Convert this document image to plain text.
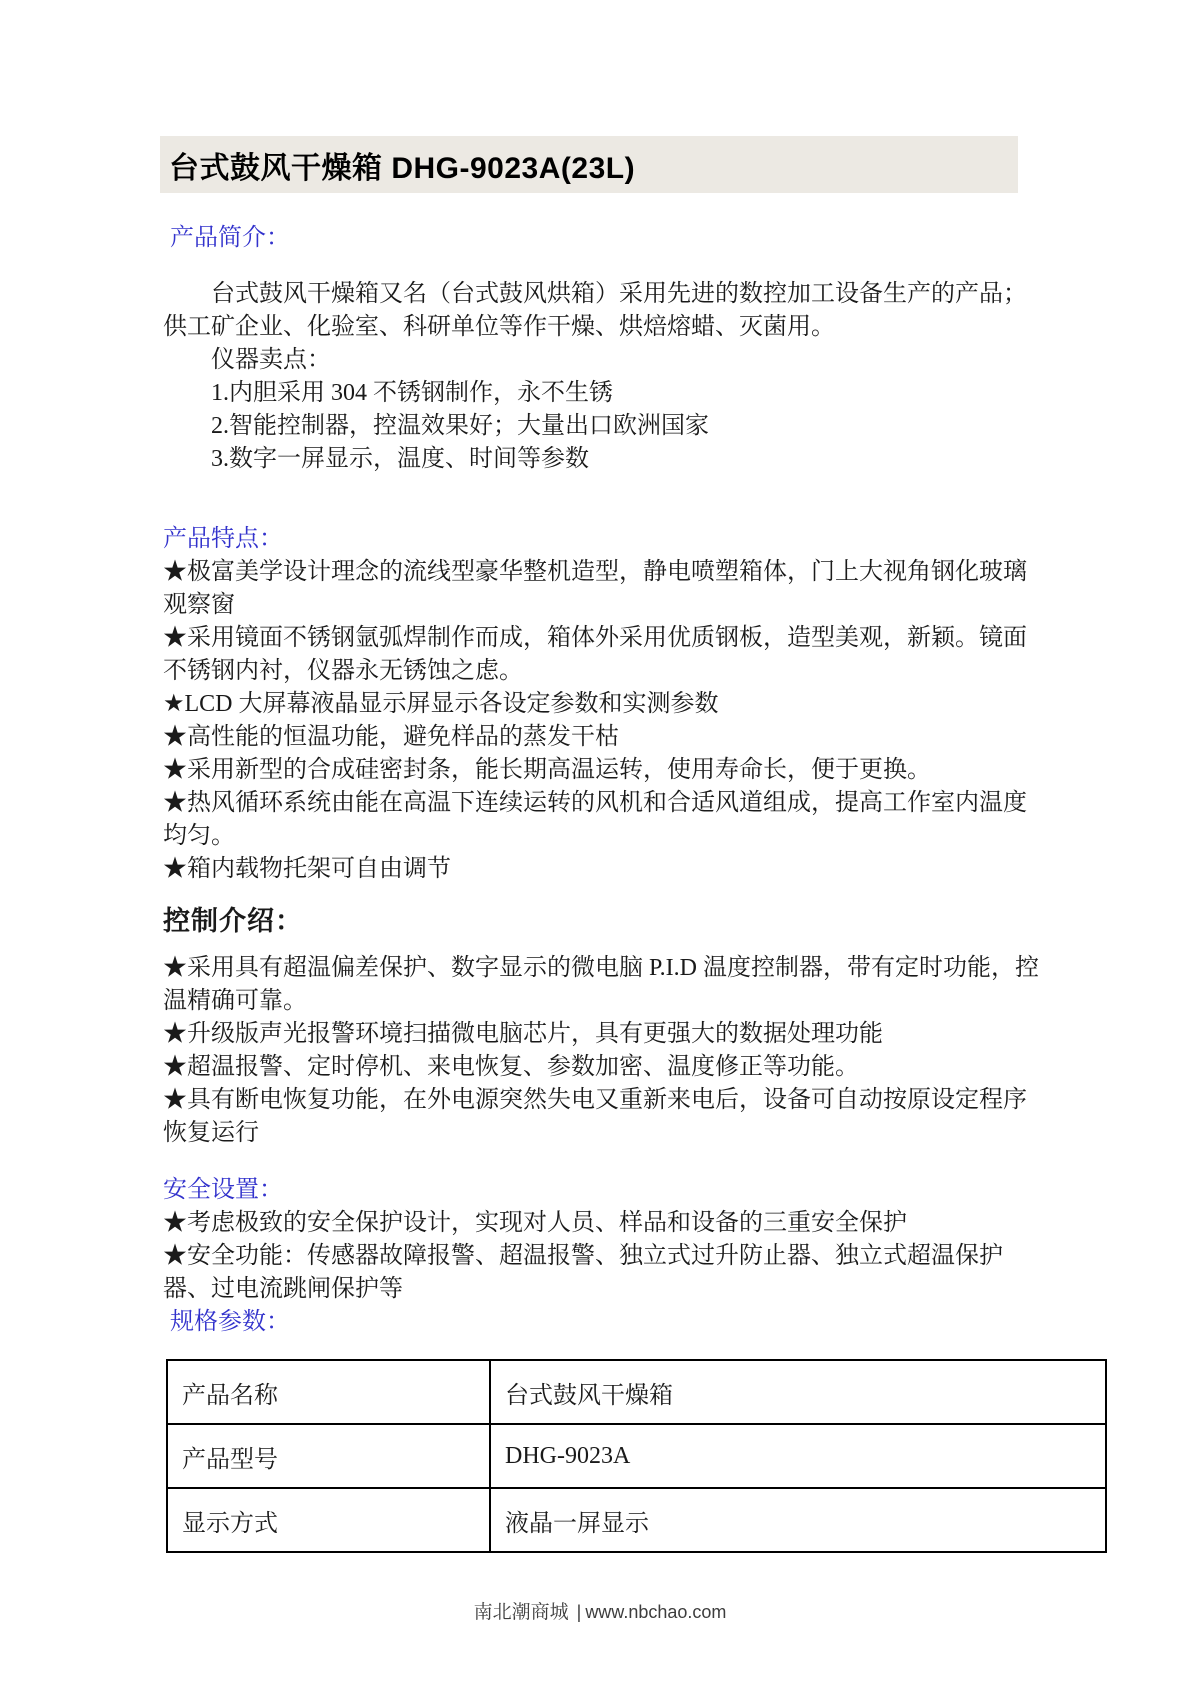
台式鼓风干燥箱 DHG-9023A(23L)
产品简介：

台式鼓风干燥箱又名（台式鼓风烘箱）采用先进的数控加工设备生产的产品；供工矿企业、化验室、科研单位等作干燥、烘焙熔蜡、灭菌用。

仪器卖点：
1.内胆采用 304 不锈钢制作，永不生锈
2.智能控制器，控温效果好；大量出口欧洲国家
3.数字一屏显示，温度、时间等参数
产品特点：
★极富美学设计理念的流线型豪华整机造型，静电喷塑箱体，门上大视角钢化玻璃观察窗
★采用镜面不锈钢氩弧焊制作而成，箱体外采用优质钢板，造型美观，新颖。镜面不锈钢内衬，仪器永无锈蚀之虑。
★LCD 大屏幕液晶显示屏显示各设定参数和实测参数
★高性能的恒温功能，避免样品的蒸发干枯
★采用新型的合成硅密封条，能长期高温运转，使用寿命长，便于更换。
★热风循环系统由能在高温下连续运转的风机和合适风道组成，提高工作室内温度均匀。
★箱内载物托架可自由调节
控制介绍：
★采用具有超温偏差保护、数字显示的微电脑 P.I.D 温度控制器，带有定时功能，控温精确可靠。
★升级版声光报警环境扫描微电脑芯片，具有更强大的数据处理功能
★超温报警、定时停机、来电恢复、参数加密、温度修正等功能。
★具有断电恢复功能，在外电源突然失电又重新来电后，设备可自动按原设定程序恢复运行
安全设置：
★考虑极致的安全保护设计，实现对人员、样品和设备的三重安全保护
★安全功能：传感器故障报警、超温报警、独立式过升防止器、独立式超温保护器、过电流跳闸保护等
规格参数：
产品名称	台式鼓风干燥箱
产品型号	DHG-9023A
显示方式	液晶一屏显示
南北潮商城 | www.nbchao.com
